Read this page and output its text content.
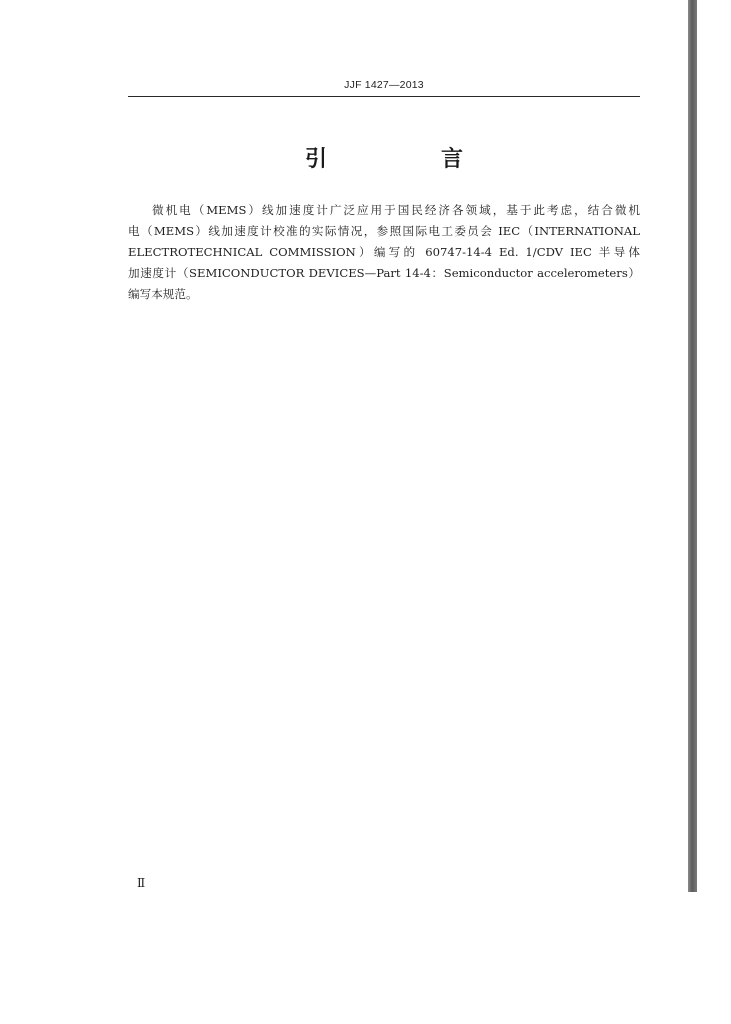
JJF 1427—2013
引　言
微机电（MEMS）线加速度计广泛应用于国民经济各领域，基于此考虑，结合微机
电（MEMS）线加速度计校准的实际情况，参照国际电工委员会 IEC（INTERNATIONAL
ELECTROTECHNICAL COMMISSION）编写的 60747-14-4 Ed. 1/CDV IEC 半导体
加速度计（SEMICONDUCTOR DEVICES—Part 14-4：Semiconductor accelerometers）
编写本规范。
Ⅱ
